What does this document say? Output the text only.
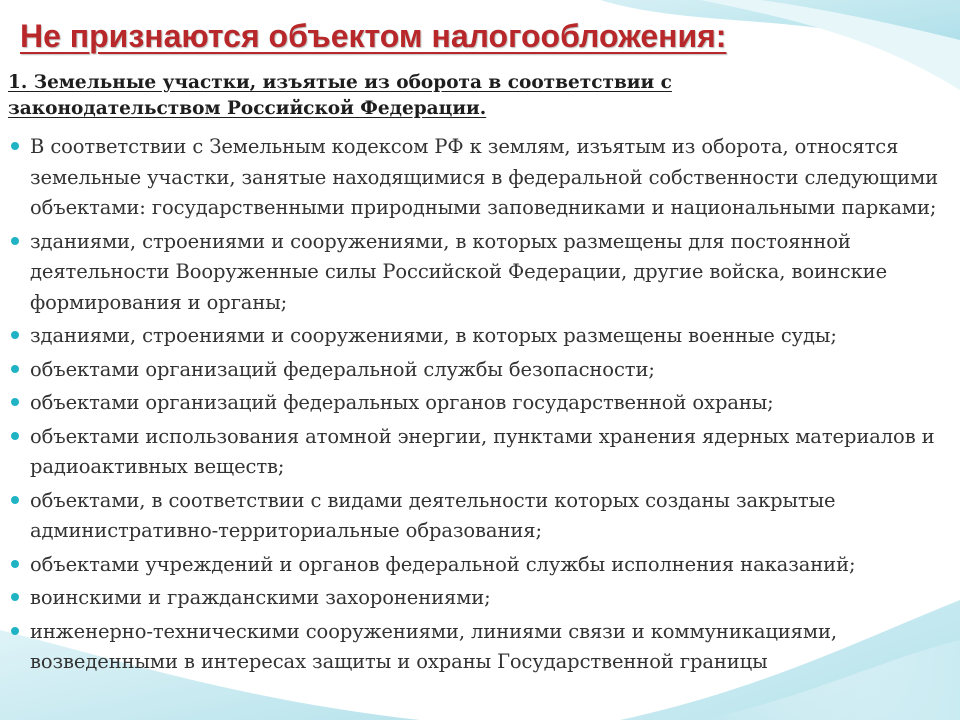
Не признаются объектом налогообложения:
1. Земельные участки, изъятые из оборота в соответствии с законодательством Российской Федерации.
В соответствии с Земельным кодексом РФ к землям, изъятым из оборота, относятся земельные участки, занятые находящимися в федеральной собственности следующими объектами: государственными природными заповедниками и национальными парками;
зданиями, строениями и сооружениями, в которых размещены для постоянной деятельности Вооруженные силы Российской Федерации, другие войска, воинские формирования и органы;
зданиями, строениями и сооружениями, в которых размещены военные суды;
объектами организаций федеральной службы безопасности;
объектами организаций федеральных органов государственной охраны;
объектами использования атомной энергии, пунктами хранения ядерных материалов и радиоактивных веществ;
объектами, в соответствии с видами деятельности которых созданы закрытые административно-территориальные образования;
объектами учреждений и органов федеральной службы исполнения наказаний;
воинскими и гражданскими захоронениями;
инженерно-техническими сооружениями, линиями связи и коммуникациями, возведенными в интересах защиты и охраны Государственной границы
